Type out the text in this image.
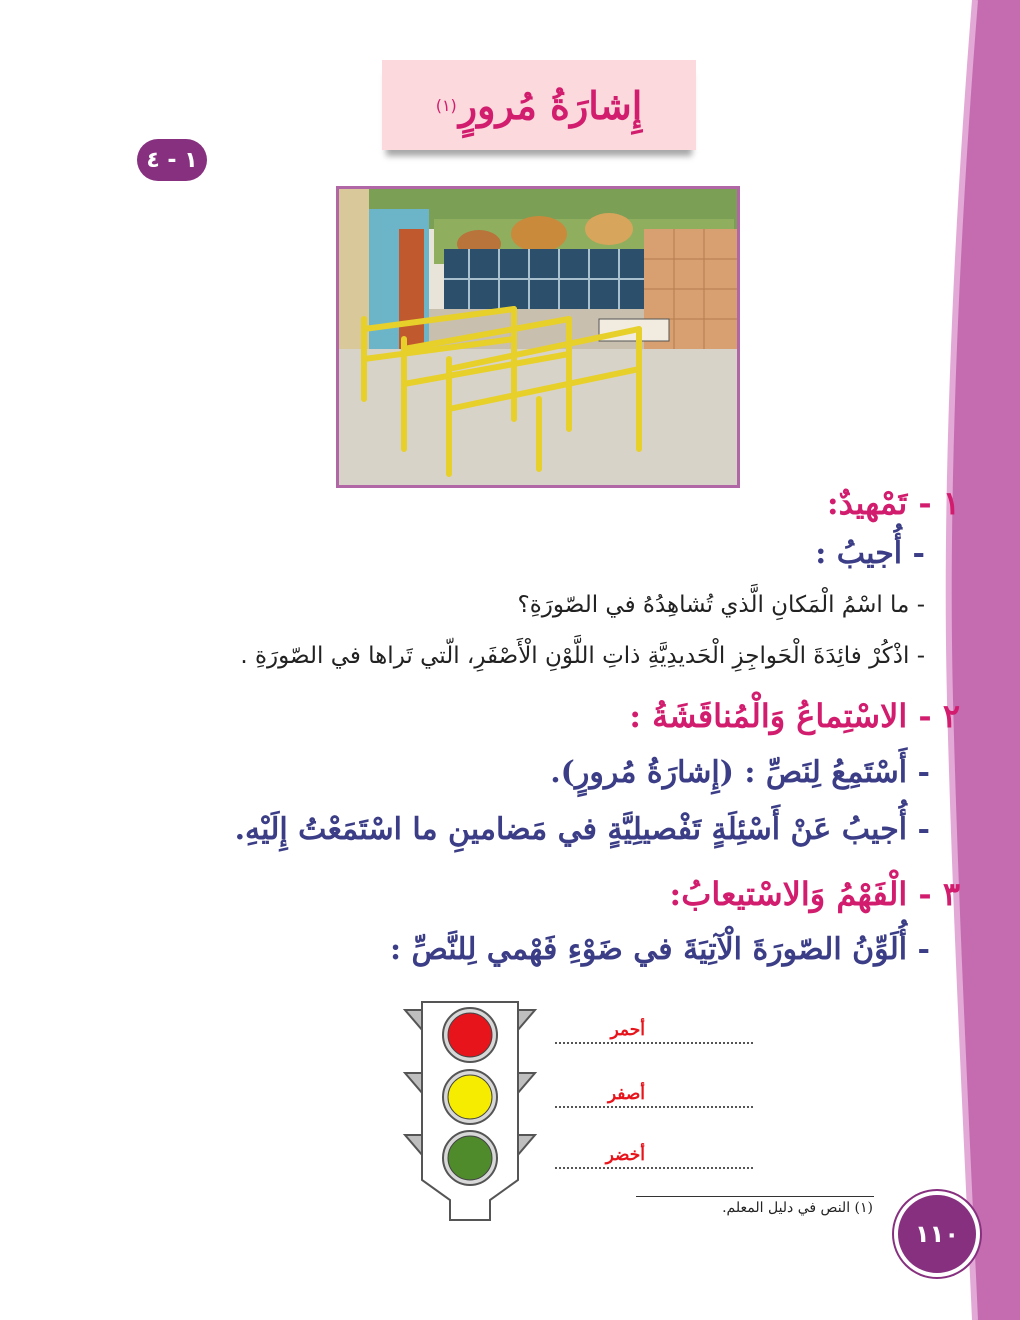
إِشارَةُ مُرورٍ
(١)
١ - ٤
١ - تَمْهيدٌ:
- أُجيبُ :
- ما اسْمُ الْمَكانِ الَّذي تُشاهِدُهُ في الصّورَةِ؟
- اذْكُرْ فائِدَةَ الْحَواجِزِ الْحَديدِيَّةِ ذاتِ اللَّوْنِ الْأَصْفَرِ، الّتي تَراها في الصّورَةِ .
٢ - الاسْتِماعُ وَالْمُناقَشَةُ :
- أَسْتَمِعُ لِنَصِّ : (إِشارَةُ مُرورٍ).
- أُجيبُ عَنْ أَسْئِلَةٍ تَفْصيلِيَّةٍ في مَضامينِ ما اسْتَمَعْتُ إِلَيْهِ.
٣ - الْفَهْمُ وَالاسْتيعابُ:
- أُلَوِّنُ الصّورَةَ الْآتِيَةَ في ضَوْءِ فَهْمي لِلنَّصِّ :
أحمر
أصفر
أخضر
(١) النص في دليل المعلم.
١١٠
